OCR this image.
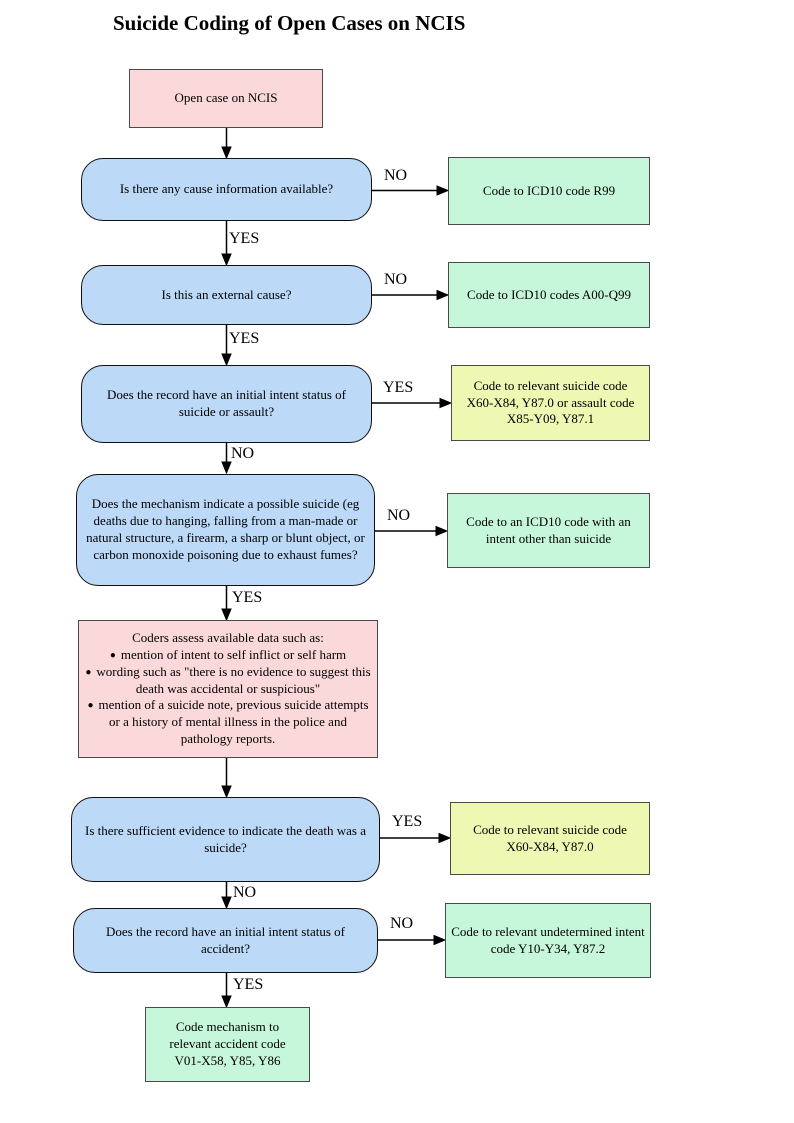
Suicide Coding of Open Cases on NCIS
Open case on NCIS
Is there any cause information available?	Code to ICD10 code R99
Is this an external cause?	Code to ICD10 codes A00-Q99
Does the record have an initial intent status of suicide or assault?
Code to relevant suicide code X60-X84, Y87.0 or assault code X85-Y09, Y87.1
Does the mechanism indicate a possible suicide (eg deaths due to hanging, falling from a man-made or natural structure, a firearm, a sharp or blunt object, or carbon monoxide poisoning due to exhaust fumes?
Code to an ICD10 code with an intent other than suicide
Coders assess available data such as:
● mention of intent to self inflict or self harm
● wording such as "there is no evidence to suggest this death was accidental or suspicious"
● mention of a suicide note, previous suicide attempts or a history of mental illness in the police and pathology reports.
Is there sufficient evidence to indicate the death was a suicide?
Code to relevant suicide code X60-X84, Y87.0
Does the record have an initial intent status of accident?
Code to relevant undetermined intent code Y10-Y34, Y87.2
Code mechanism to relevant accident code V01-X58, Y85, Y86
NO
YES
NO
YES
YES
NO
NO
YES
YES
NO
NO
YES
